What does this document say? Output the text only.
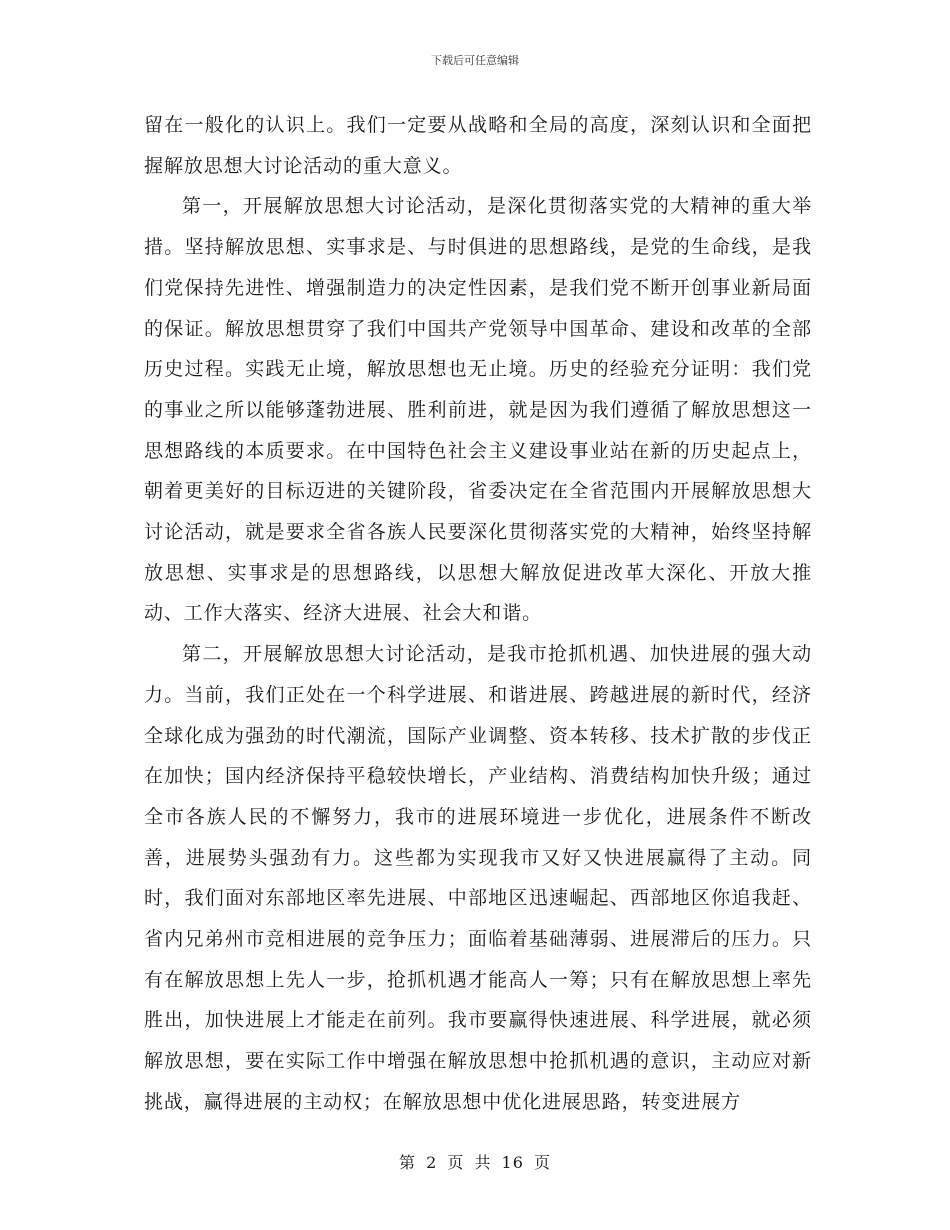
下载后可任意编辑

留在一般化的认识上。我们一定要从战略和全局的高度，深刻认识和全面把握解放思想大讨论活动的重大意义。

第一，开展解放思想大讨论活动，是深化贯彻落实党的大精神的重大举措。坚持解放思想、实事求是、与时俱进的思想路线，是党的生命线，是我们党保持先进性、增强制造力的决定性因素，是我们党不断开创事业新局面的保证。解放思想贯穿了我们中国共产党领导中国革命、建设和改革的全部历史过程。实践无止境，解放思想也无止境。历史的经验充分证明：我们党的事业之所以能够蓬勃进展、胜利前进，就是因为我们遵循了解放思想这一思想路线的本质要求。在中国特色社会主义建设事业站在新的历史起点上，朝着更美好的目标迈进的关键阶段，省委决定在全省范围内开展解放思想大讨论活动，就是要求全省各族人民要深化贯彻落实党的大精神，始终坚持解放思想、实事求是的思想路线，以思想大解放促进改革大深化、开放大推动、工作大落实、经济大进展、社会大和谐。

第二，开展解放思想大讨论活动，是我市抢抓机遇、加快进展的强大动力。当前，我们正处在一个科学进展、和谐进展、跨越进展的新时代，经济全球化成为强劲的时代潮流，国际产业调整、资本转移、技术扩散的步伐正在加快；国内经济保持平稳较快增长，产业结构、消费结构加快升级；通过全市各族人民的不懈努力，我市的进展环境进一步优化，进展条件不断改善，进展势头强劲有力。这些都为实现我市又好又快进展赢得了主动。同时，我们面对东部地区率先进展、中部地区迅速崛起、西部地区你追我赶、省内兄弟州市竞相进展的竞争压力；面临着基础薄弱、进展滞后的压力。只有在解放思想上先人一步，抢抓机遇才能高人一筹；只有在解放思想上率先胜出，加快进展上才能走在前列。我市要赢得快速进展、科学进展，就必须解放思想，要在实际工作中增强在解放思想中抢抓机遇的意识，主动应对新挑战，赢得进展的主动权；在解放思想中优化进展思路，转变进展方

第 2 页 共 16 页
